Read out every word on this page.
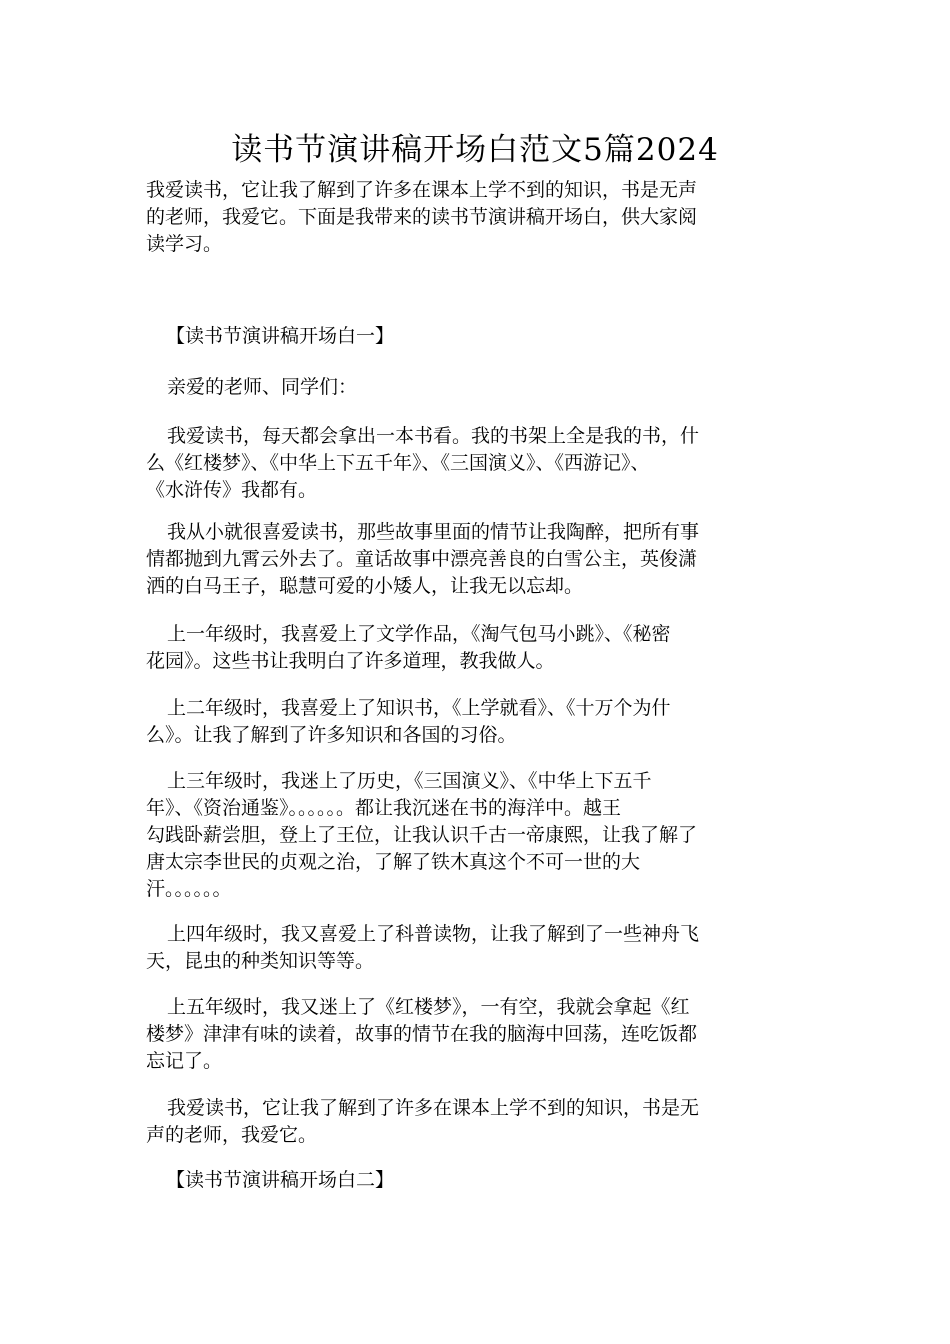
读书节演讲稿开场白范文5篇2024

我爱读书，它让我了解到了许多在课本上学不到的知识，书是无声
的老师，我爱它。下面是我带来的读书节演讲稿开场白，供大家阅
读学习。

【读书节演讲稿开场白一】

亲爱的老师、同学们：

我爱读书，每天都会拿出一本书看。我的书架上全是我的书，什
么《红楼梦》、《中华上下五千年》、《三国演义》、《西游记》、
《水浒传》我都有。

我从小就很喜爱读书，那些故事里面的情节让我陶醉，把所有事
情都抛到九霄云外去了。童话故事中漂亮善良的白雪公主，英俊潇
洒的白马王子，聪慧可爱的小矮人，让我无以忘却。

上一年级时，我喜爱上了文学作品，《淘气包马小跳》、《秘密
花园》。这些书让我明白了许多道理，教我做人。

上二年级时，我喜爱上了知识书，《上学就看》、《十万个为什
么》。让我了解到了许多知识和各国的习俗。

上三年级时，我迷上了历史，《三国演义》、《中华上下五千
年》、《资治通鉴》。。。。。。都让我沉迷在书的海洋中。越王
勾践卧薪尝胆，登上了王位，让我认识千古一帝康熙，让我了解了
唐太宗李世民的贞观之治，了解了铁木真这个不可一世的大
汗。。。。。。

上四年级时，我又喜爱上了科普读物，让我了解到了一些神舟飞
天，昆虫的种类知识等等。

上五年级时，我又迷上了《红楼梦》，一有空，我就会拿起《红
楼梦》津津有味的读着，故事的情节在我的脑海中回荡，连吃饭都
忘记了。

我爱读书，它让我了解到了许多在课本上学不到的知识，书是无
声的老师，我爱它。

【读书节演讲稿开场白二】
